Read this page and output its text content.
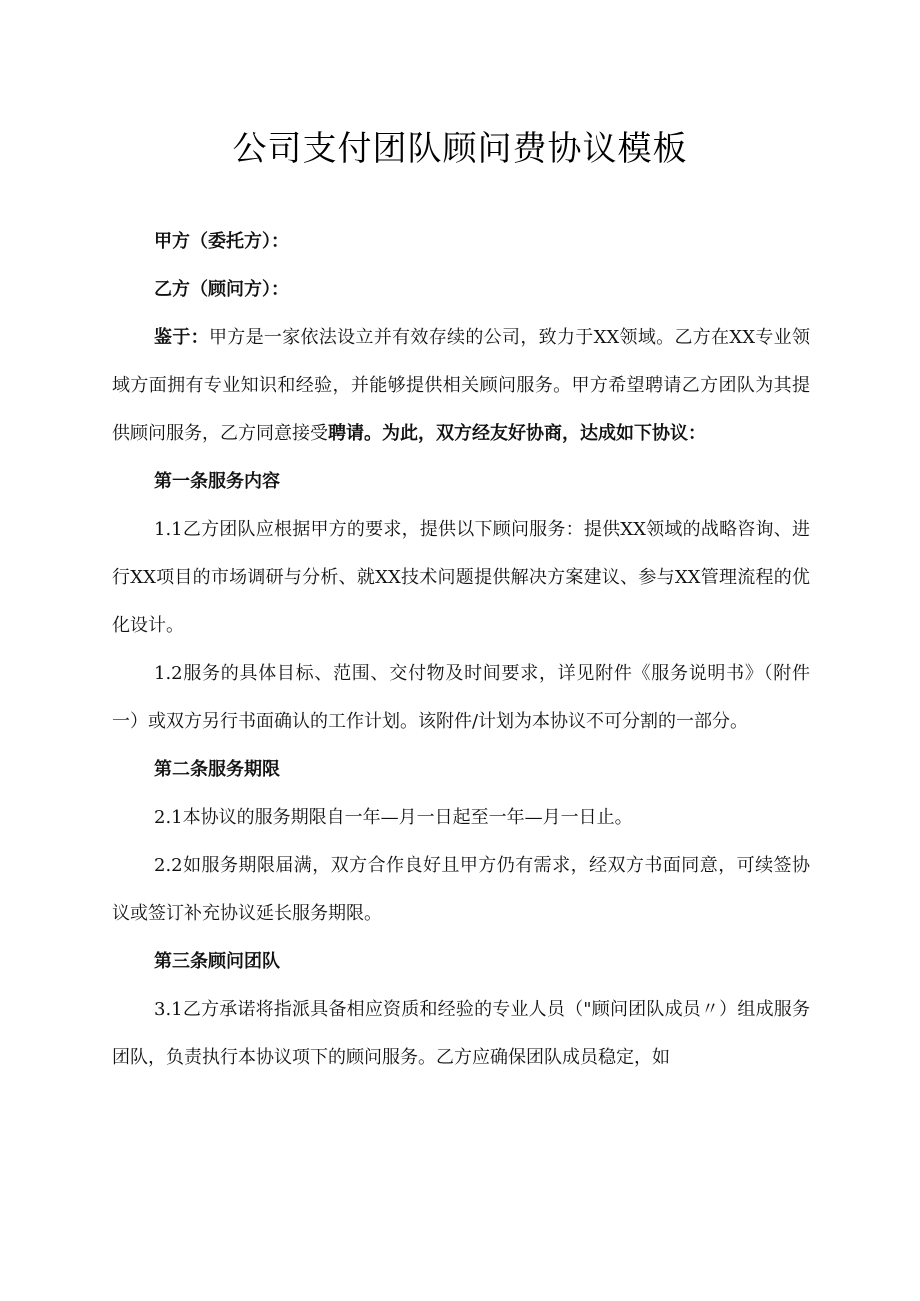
公司支付团队顾问费协议模板

甲方（委托方）：

乙方（顾问方）：

鉴于：甲方是一家依法设立并有效存续的公司，致力于XX领域。乙方在XX专业领域方面拥有专业知识和经验，并能够提供相关顾问服务。甲方希望聘请乙方团队为其提供顾问服务，乙方同意接受聘请。为此，双方经友好协商，达成如下协议：

第一条服务内容

1.1乙方团队应根据甲方的要求，提供以下顾问服务：提供XX领域的战略咨询、进行XX项目的市场调研与分析、就XX技术问题提供解决方案建议、参与XX管理流程的优化设计。

1.2服务的具体目标、范围、交付物及时间要求，详见附件《服务说明书》（附件一）或双方另行书面确认的工作计划。该附件/计划为本协议不可分割的一部分。

第二条服务期限

2.1本协议的服务期限自一年—月一日起至一年—月一日止。

2.2如服务期限届满，双方合作良好且甲方仍有需求，经双方书面同意，可续签协议或签订补充协议延长服务期限。

第三条顾问团队

3.1乙方承诺将指派具备相应资质和经验的专业人员（"顾问团队成员〃）组成服务团队，负责执行本协议项下的顾问服务。乙方应确保团队成员稳定，如
